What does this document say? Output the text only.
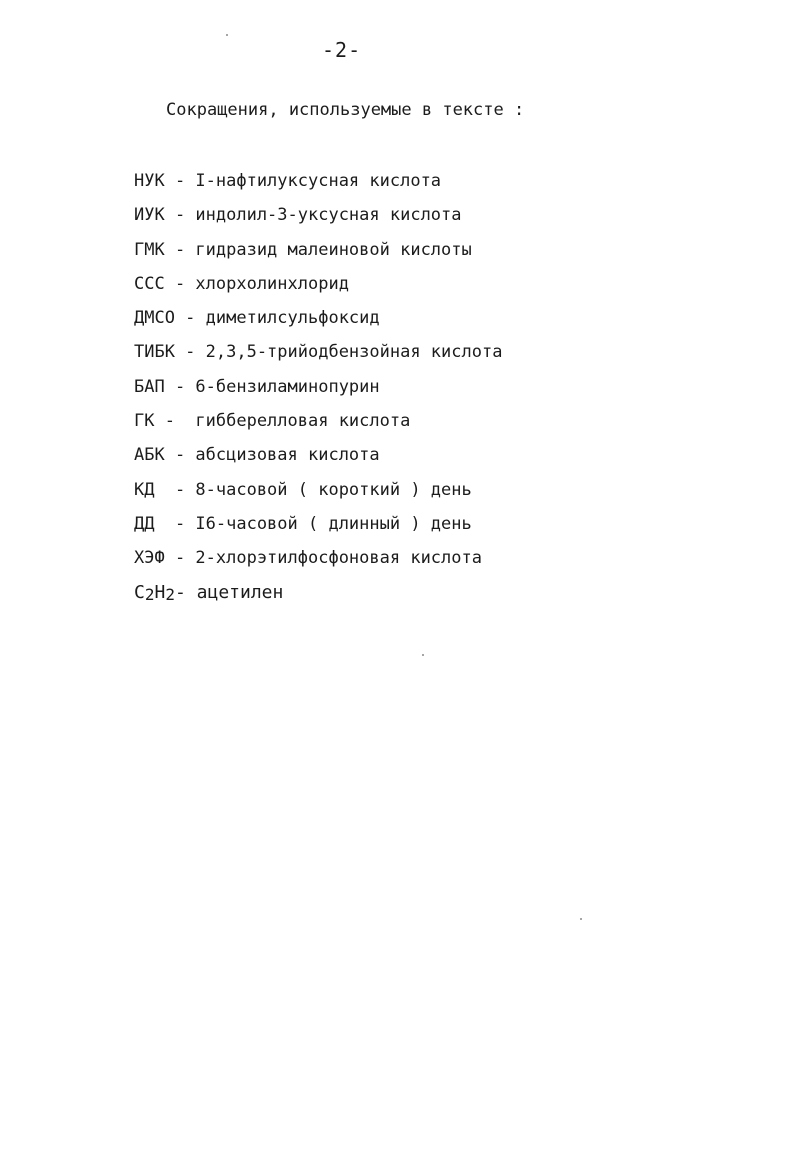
-2-
Сокращения, используемые в тексте :
НУК - I-нафтилуксусная кислота
ИУК - индолил-3-уксусная кислота
ГМК - гидразид малеиновой кислоты
ССС - хлорхолинхлорид
ДМСО - диметилсульфоксид
ТИБК - 2,3,5-трийодбензойная кислота
БАП - 6-бензиламинопурин
ГК -  гибберелловая кислота
АБК - абсцизовая кислота
КД  - 8-часовой ( короткий ) день
ДД  - I6-часовой ( длинный ) день
ХЭФ - 2-хлорэтилфосфоновая кислота
$C_2H_2-$ ацетилен
